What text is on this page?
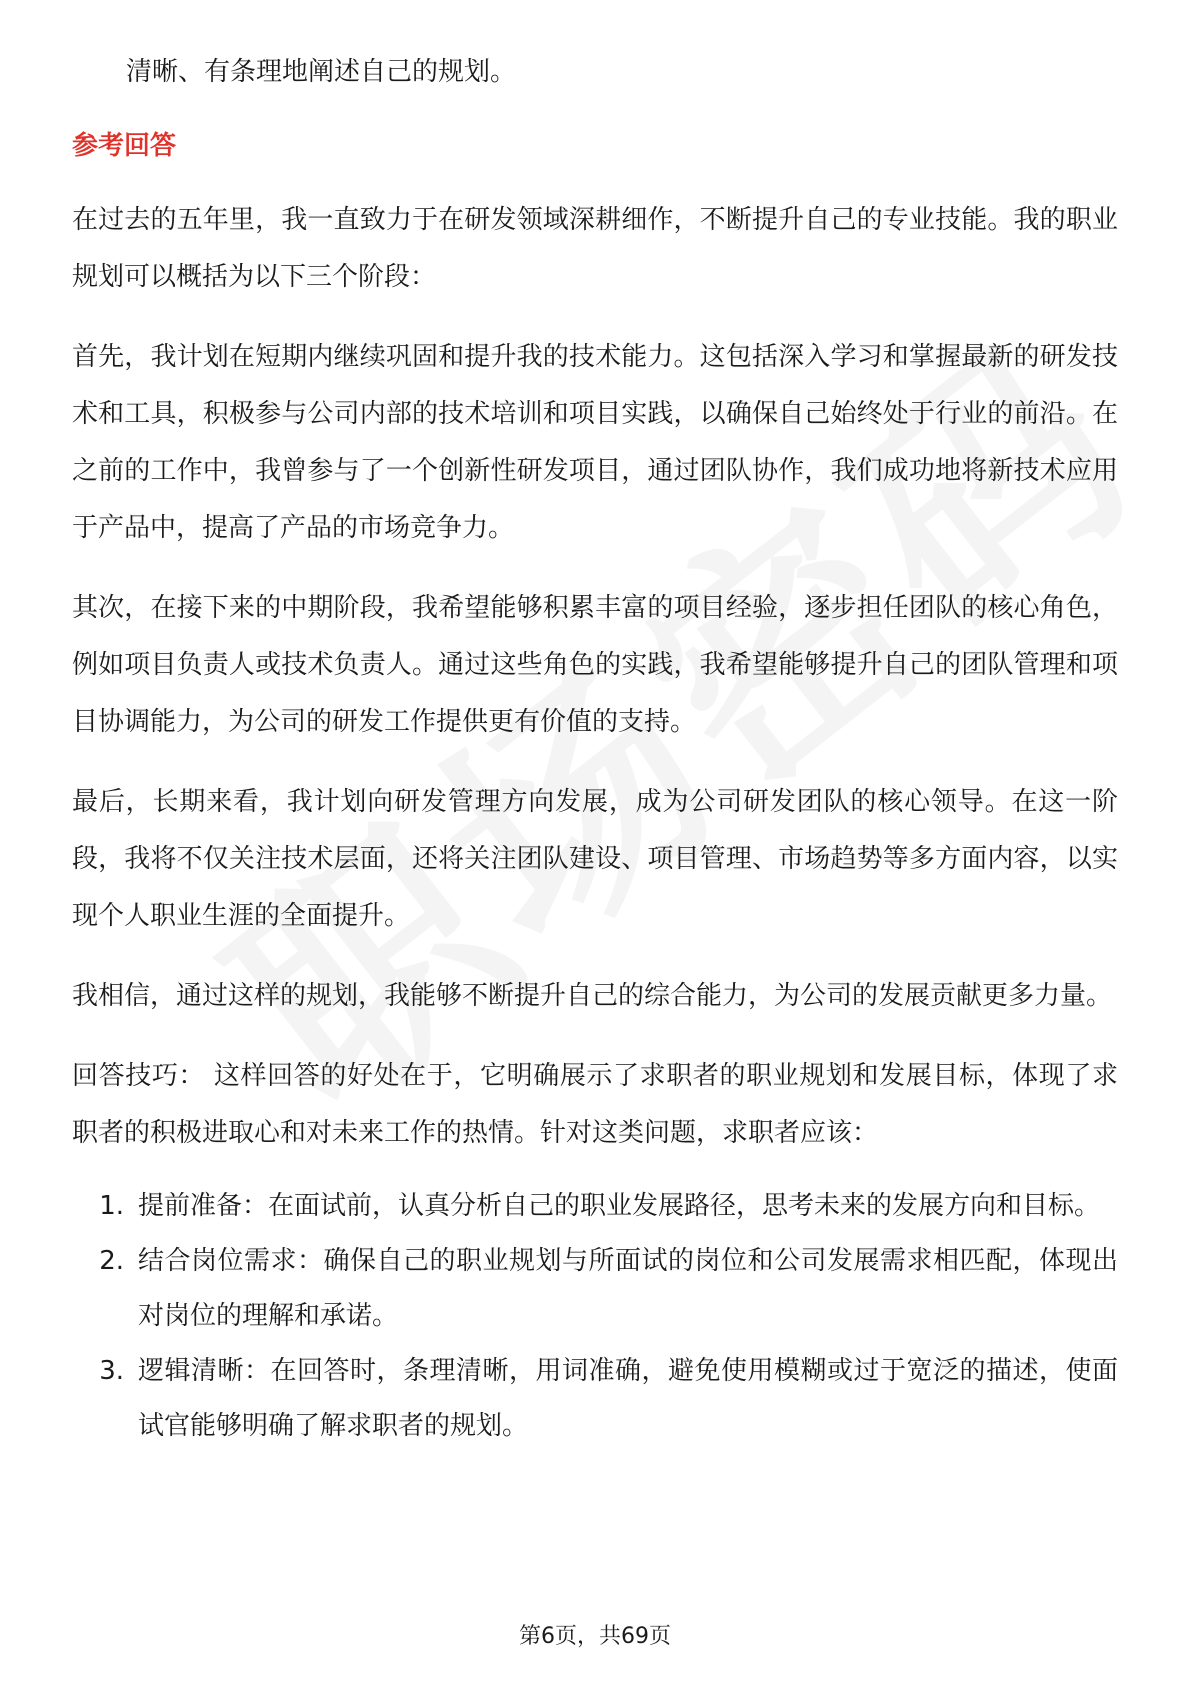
清晰、有条理地阐述自己的规划。

参考回答

在过去的五年里，我一直致力于在研发领域深耕细作，不断提升自己的专业技能。我的职业规划可以概括为以下三个阶段：

首先，我计划在短期内继续巩固和提升我的技术能力。这包括深入学习和掌握最新的研发技术和工具，积极参与公司内部的技术培训和项目实践，以确保自己始终处于行业的前沿。在之前的工作中，我曾参与了一个创新性研发项目，通过团队协作，我们成功地将新技术应用于产品中，提高了产品的市场竞争力。

其次，在接下来的中期阶段，我希望能够积累丰富的项目经验，逐步担任团队的核心角色，例如项目负责人或技术负责人。通过这些角色的实践，我希望能够提升自己的团队管理和项目协调能力，为公司的研发工作提供更有价值的支持。

最后，长期来看，我计划向研发管理方向发展，成为公司研发团队的核心领导。在这一阶段，我将不仅关注技术层面，还将关注团队建设、项目管理、市场趋势等多方面内容，以实现个人职业生涯的全面提升。

我相信，通过这样的规划，我能够不断提升自己的综合能力，为公司的发展贡献更多力量。

回答技巧： 这样回答的好处在于，它明确展示了求职者的职业规划和发展目标，体现了求职者的积极进取心和对未来工作的热情。针对这类问题，求职者应该：

1. 提前准备：在面试前，认真分析自己的职业发展路径，思考未来的发展方向和目标。
2. 结合岗位需求：确保自己的职业规划与所面试的岗位和公司发展需求相匹配，体现出对岗位的理解和承诺。
3. 逻辑清晰：在回答时，条理清晰，用词准确，避免使用模糊或过于宽泛的描述，使面试官能够明确了解求职者的规划。
第6页，共69页
